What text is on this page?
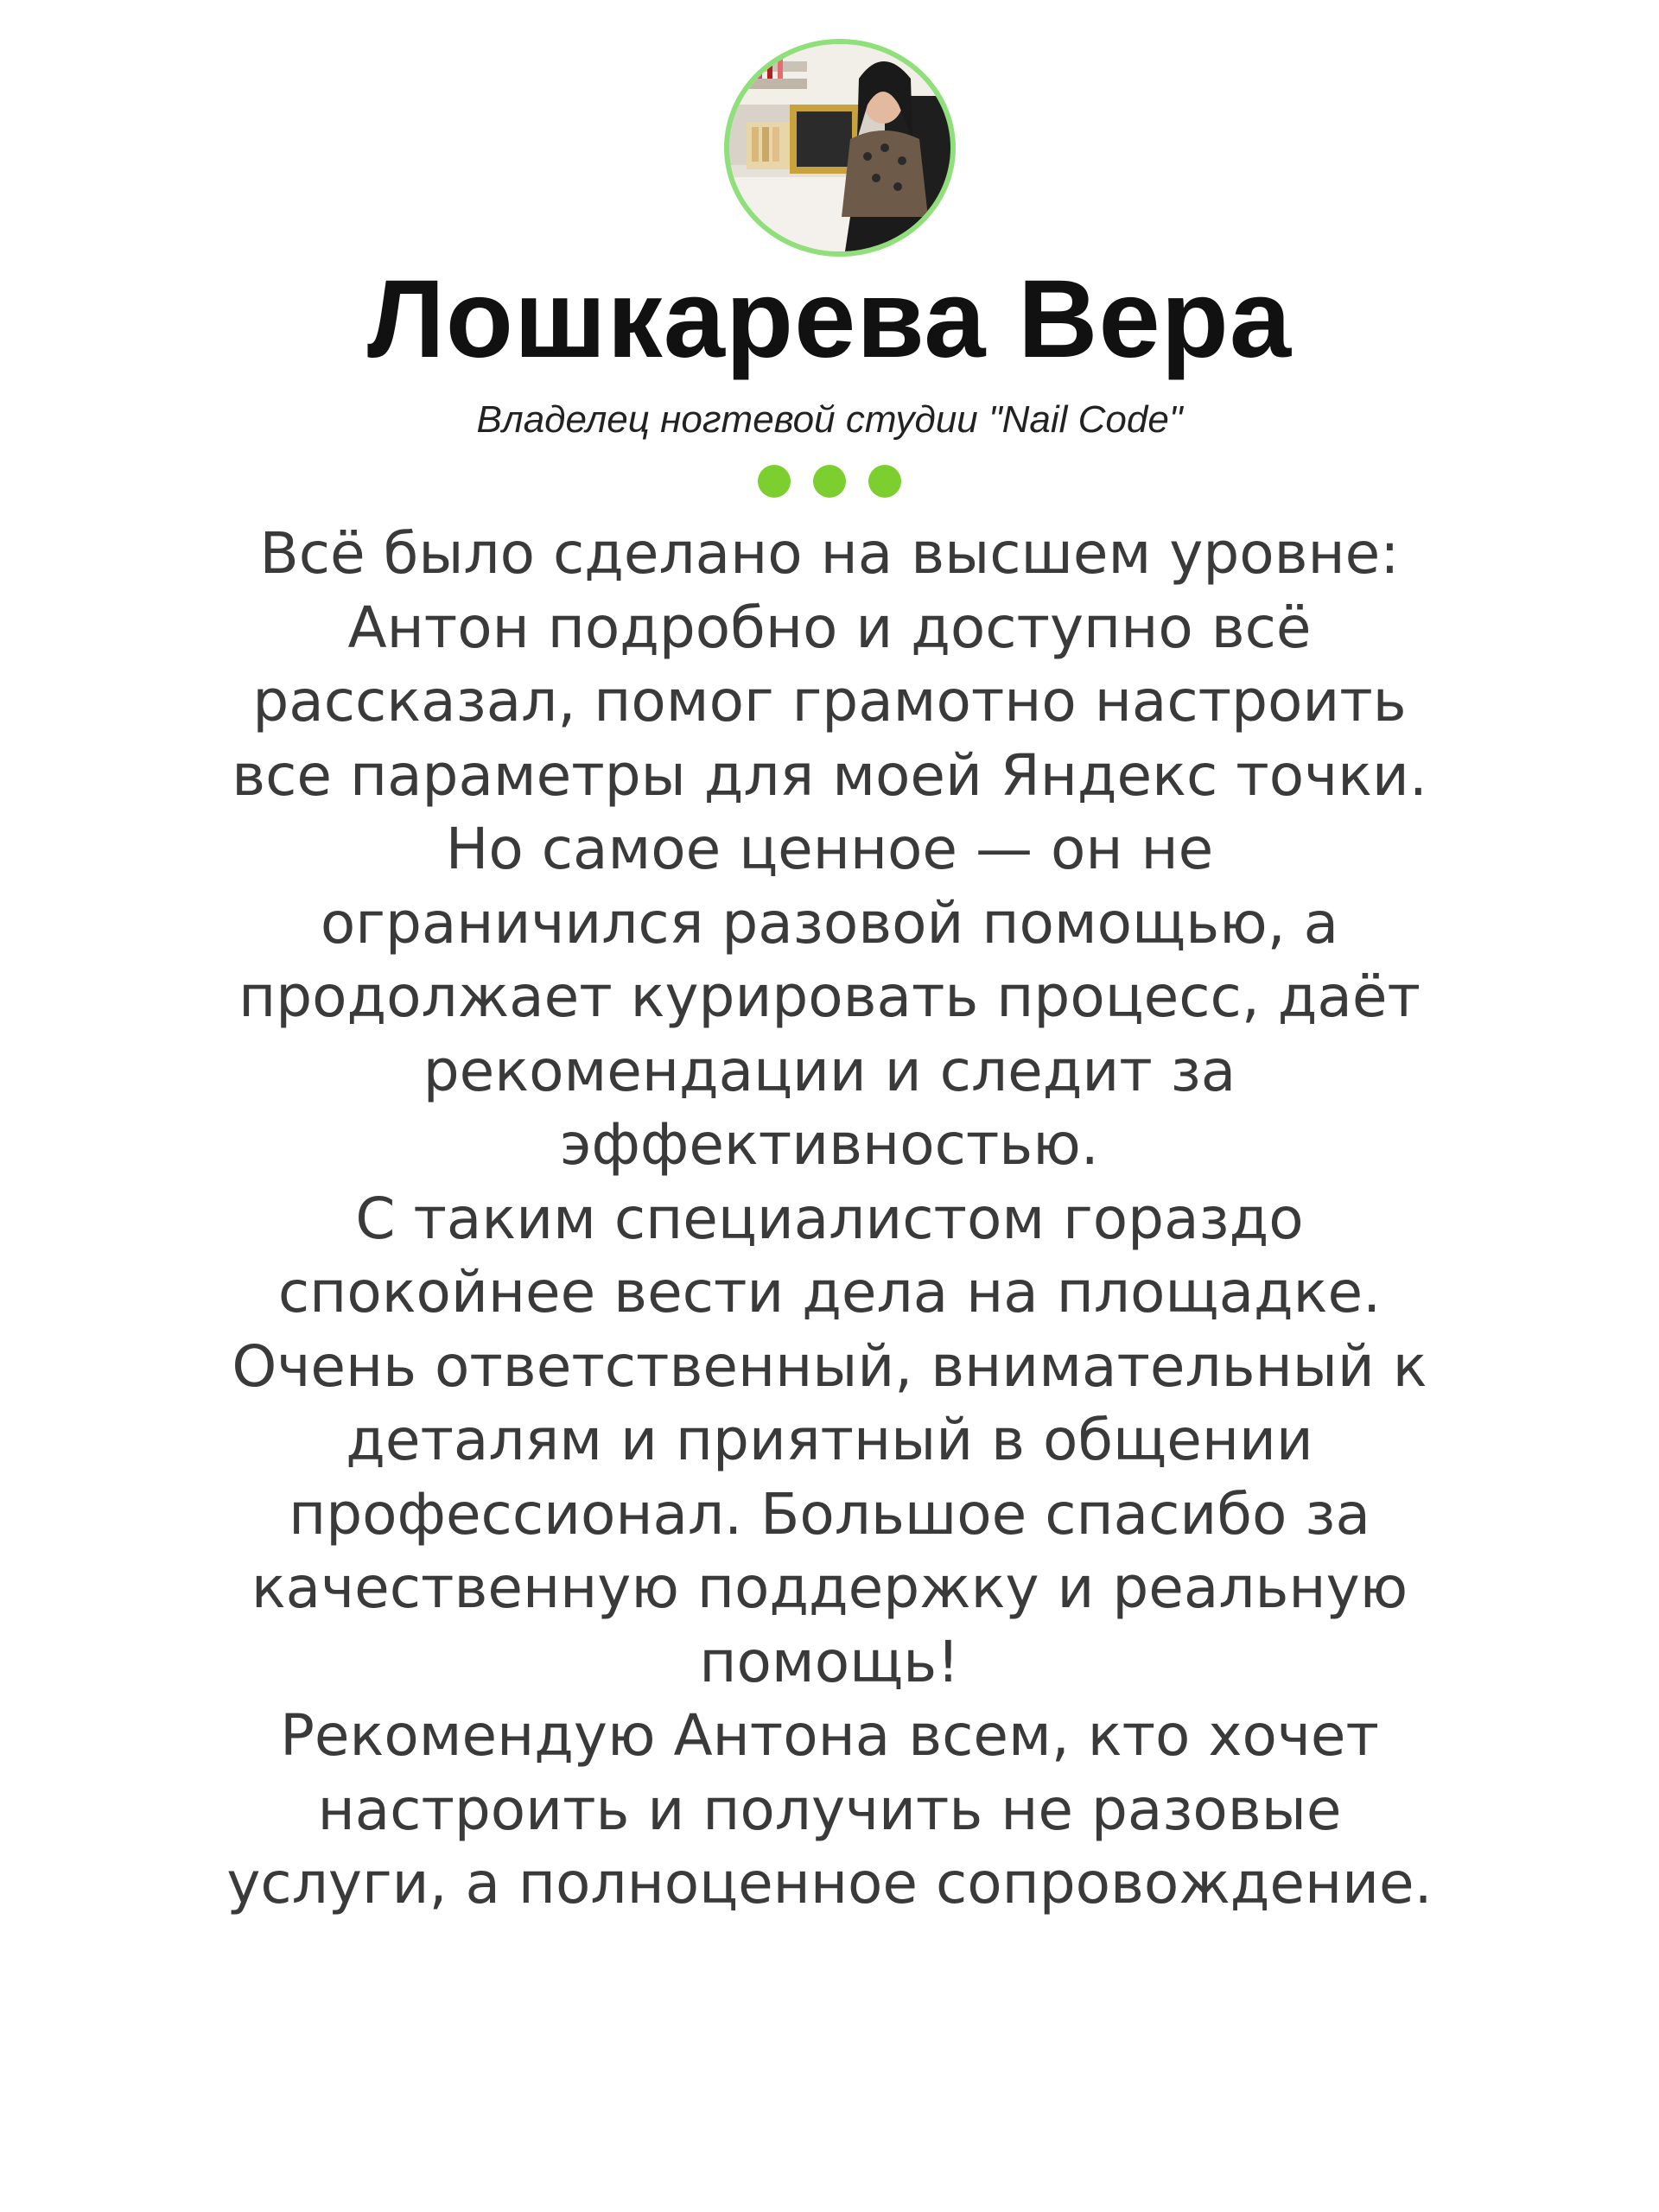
Лошкарева Вера
Владелец ногтевой студии "Nail Code"
Всё было сделано на высшем уровне:
Антон подробно и доступно всё
рассказал, помог грамотно настроить
все параметры для моей Яндекс точки.
Но самое ценное — он не
ограничился разовой помощью, а
продолжает курировать процесс, даёт
рекомендации и следит за
эффективностью.
С таким специалистом гораздо
спокойнее вести дела на площадке.
Очень ответственный, внимательный к
деталям и приятный в общении
профессионал. Большое спасибо за
качественную поддержку и реальную
помощь!
Рекомендую Антона всем, кто хочет
настроить и получить не разовые
услуги, а полноценное сопровождение.
